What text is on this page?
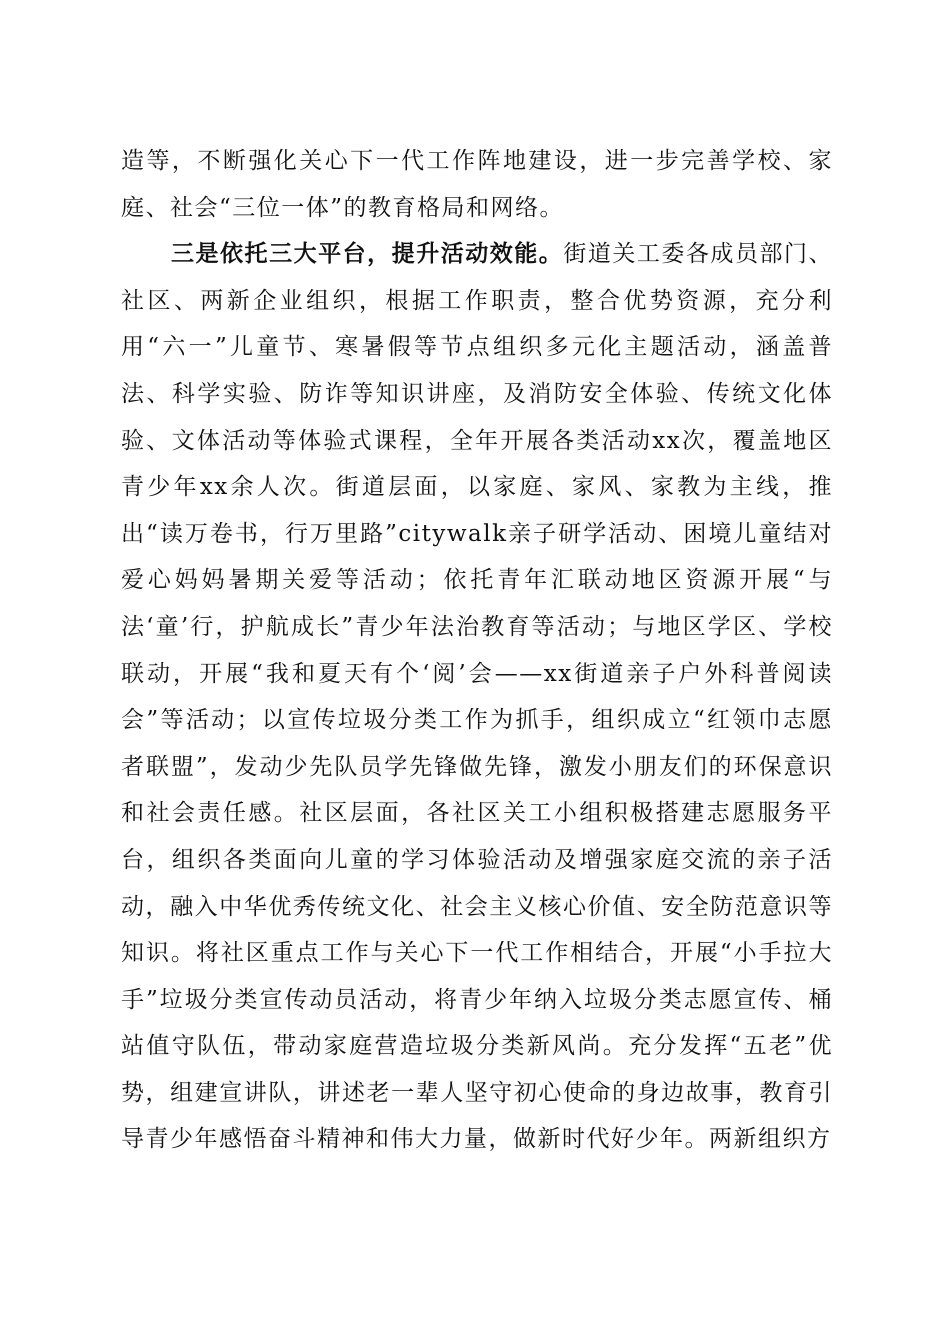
造等，不断强化关心下一代工作阵地建设，进一步完善学校、家庭、社会“三位一体”的教育格局和网络。

三是依托三大平台，提升活动效能。街道关工委各成员部门、社区、两新企业组织，根据工作职责，整合优势资源，充分利用“六一”儿童节、寒暑假等节点组织多元化主题活动，涵盖普法、科学实验、防诈等知识讲座，及消防安全体验、传统文化体验、文体活动等体验式课程，全年开展各类活动xx次，覆盖地区青少年xx余人次。街道层面，以家庭、家风、家教为主线，推出“读万卷书，行万里路”citywalk亲子研学活动、困境儿童结对爱心妈妈暑期关爱等活动；依托青年汇联动地区资源开展“与法‘童’行，护航成长”青少年法治教育等活动；与地区学区、学校联动，开展“我和夏天有个‘阅’会——xx街道亲子户外科普阅读会”等活动；以宣传垃圾分类工作为抓手，组织成立“红领巾志愿者联盟”，发动少先队员学先锋做先锋，激发小朋友们的环保意识和社会责任感。社区层面，各社区关工小组积极搭建志愿服务平台，组织各类面向儿童的学习体验活动及增强家庭交流的亲子活动，融入中华优秀传统文化、社会主义核心价值、安全防范意识等知识。将社区重点工作与关心下一代工作相结合，开展“小手拉大手”垃圾分类宣传动员活动，将青少年纳入垃圾分类志愿宣传、桶站值守队伍，带动家庭营造垃圾分类新风尚。充分发挥“五老”优势，组建宣讲队，讲述老一辈人坚守初心使命的身边故事，教育引导青少年感悟奋斗精神和伟大力量，做新时代好少年。两新组织方
